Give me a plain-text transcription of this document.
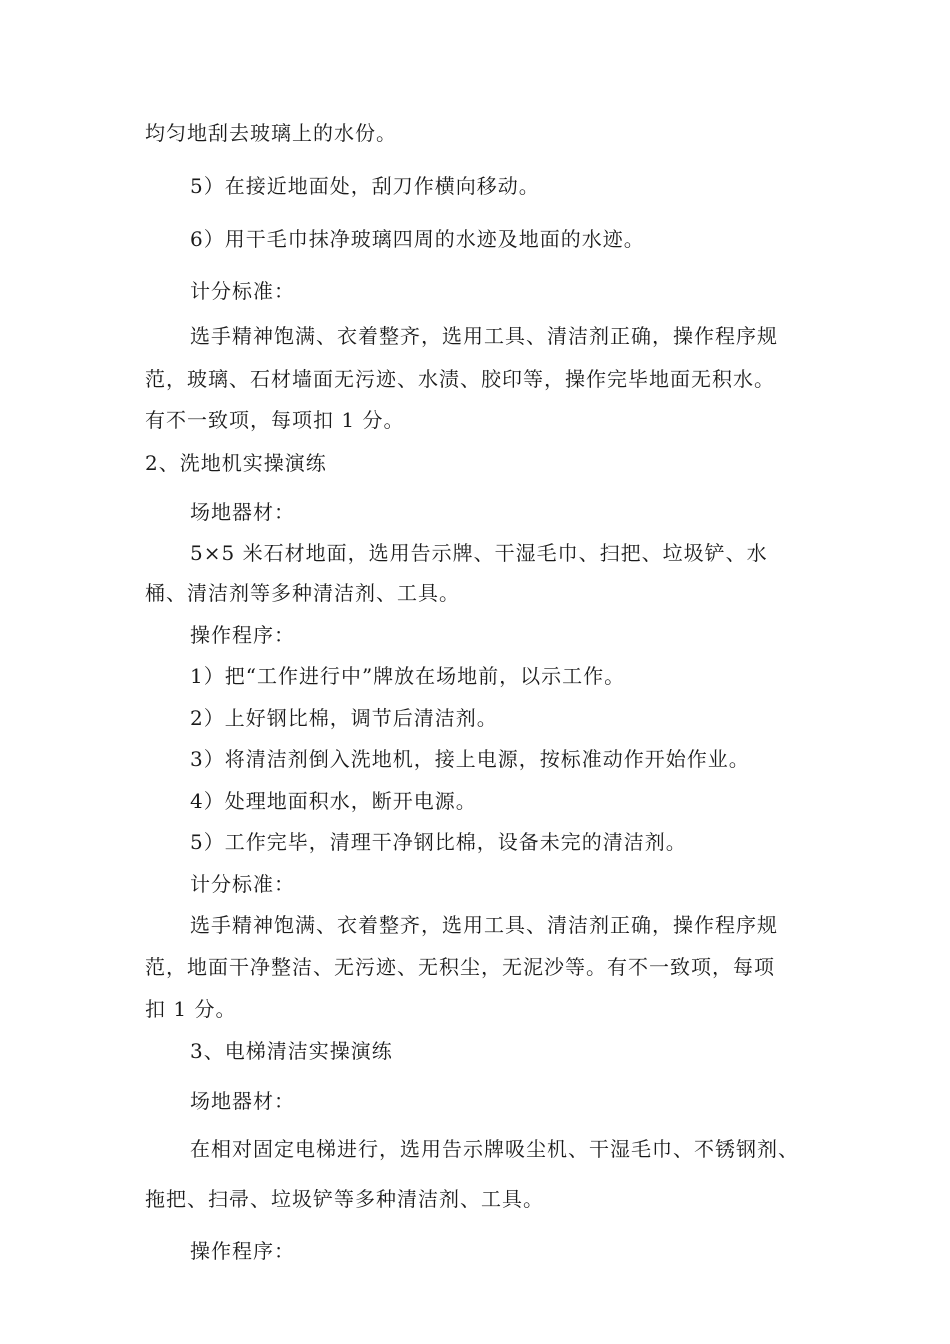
均匀地刮去玻璃上的水份。
5）在接近地面处，刮刀作横向移动。
6）用干毛巾抹净玻璃四周的水迹及地面的水迹。
计分标准：
选手精神饱满、衣着整齐，选用工具、清洁剂正确，操作程序规
范，玻璃、石材墙面无污迹、水渍、胶印等，操作完毕地面无积水。
有不一致项，每项扣 1 分。
2、洗地机实操演练
场地器材：
5×5 米石材地面，选用告示牌、干湿毛巾、扫把、垃圾铲、水
桶、清洁剂等多种清洁剂、工具。
操作程序：
1）把“工作进行中”牌放在场地前，以示工作。
2）上好钢比棉，调节后清洁剂。
3）将清洁剂倒入洗地机，接上电源，按标准动作开始作业。
4）处理地面积水，断开电源。
5）工作完毕，清理干净钢比棉，设备未完的清洁剂。
计分标准：
选手精神饱满、衣着整齐，选用工具、清洁剂正确，操作程序规
范，地面干净整洁、无污迹、无积尘，无泥沙等。有不一致项，每项
扣 1 分。
3、电梯清洁实操演练
场地器材：
在相对固定电梯进行，选用告示牌吸尘机、干湿毛巾、不锈钢剂、
拖把、扫帚、垃圾铲等多种清洁剂、工具。
操作程序：
